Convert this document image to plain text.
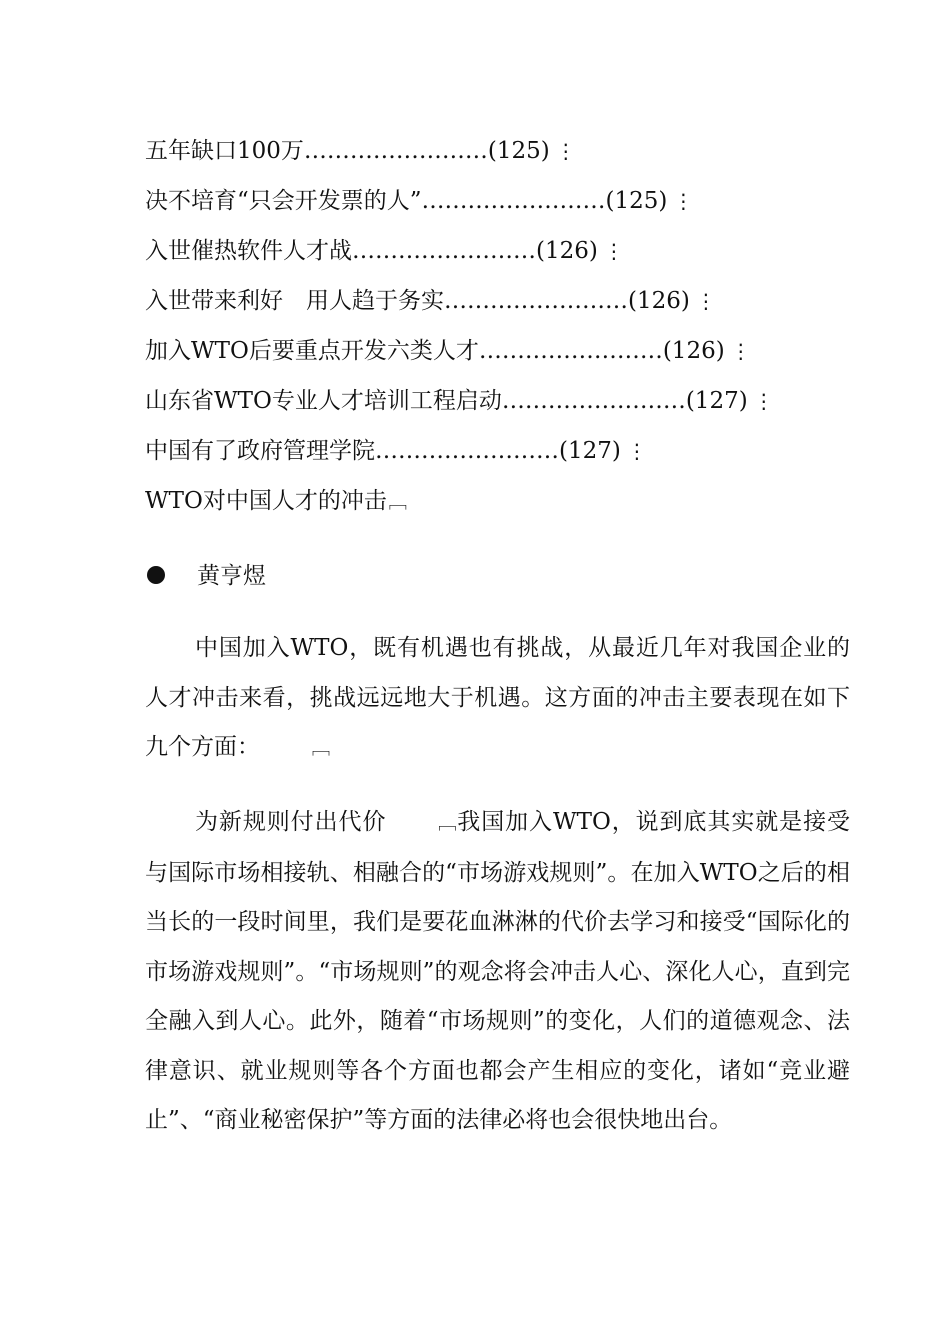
五年缺口100万……………………(125) ⋮
决不培育“只会开发票的人”……………………(125) ⋮
入世催热软件人才战……………………(126) ⋮
入世带来利好　用人趋于务实……………………(126) ⋮
加入WTO后要重点开发六类人才……………………(126) ⋮
山东省WTO专业人才培训工程启动……………………(127) ⋮
中国有了政府管理学院……………………(127) ⋮
WTO对中国人才的冲击 ﹇
黄亨煜

中国加入WTO，既有机遇也有挑战，从最近几年对我国企业的人才冲击来看，挑战远远地大于机遇。这方面的冲击主要表现在如下九个方面：	﹇

为新规则付出代价	﹇我国加入WTO，说到底其实就是接受与国际市场相接轨、相融合的“市场游戏规则”。在加入WTO之后的相当长的一段时间里，我们是要花血淋淋的代价去学习和接受“国际化的市场游戏规则”。“市场规则”的观念将会冲击人心、深化人心，直到完全融入到人心。此外，随着“市场规则”的变化，人们的道德观念、法律意识、就业规则等各个方面也都会产生相应的变化，诸如“竞业避止”、“商业秘密保护”等方面的法律必将也会很快地出台。
